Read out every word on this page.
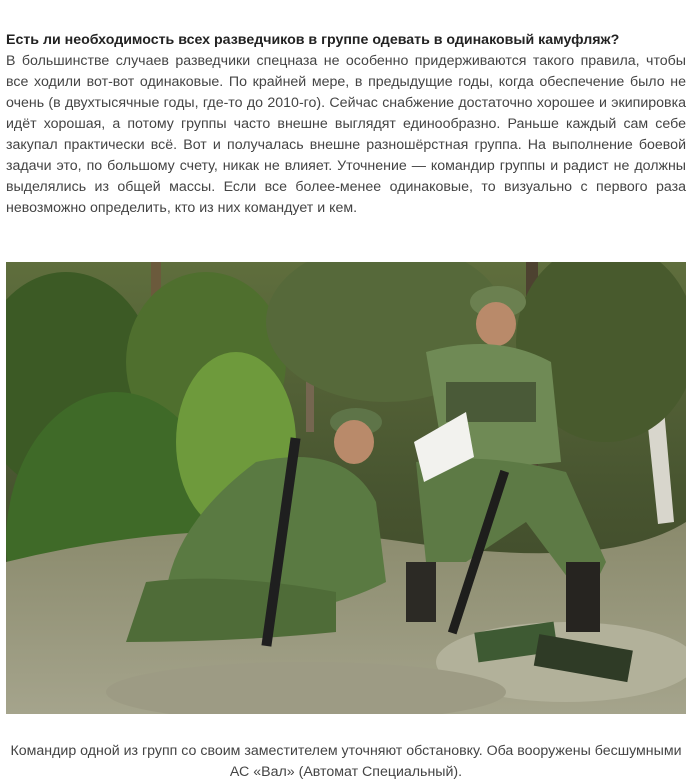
Есть ли необходимость всех разведчиков в группе одевать в одинаковый камуфляж?

В большинстве случаев разведчики спецназа не особенно придерживаются такого правила, чтобы все ходили вот-вот одинаковые. По крайней мере, в предыдущие годы, когда обеспечение было не очень (в двухтысячные годы, где-то до 2010-го). Сейчас снабжение достаточно хорошее и экипировка идёт хорошая, а потому группы часто внешне выглядят единообразно. Раньше каждый сам себе закупал практически всё. Вот и получалась внешне разношёрстная группа. На выполнение боевой задачи это, по большому счету, никак не влияет. Уточнение — командир группы и радист не должны выделялись из общей массы. Если все более-менее одинаковые, то визуально с первого раза невозможно определить, кто из них командует и кем.

Командир одной из групп со своим заместителем уточняют обстановку. Оба вооружены бесшумными АС «Вал» (Автомат Специальный).
